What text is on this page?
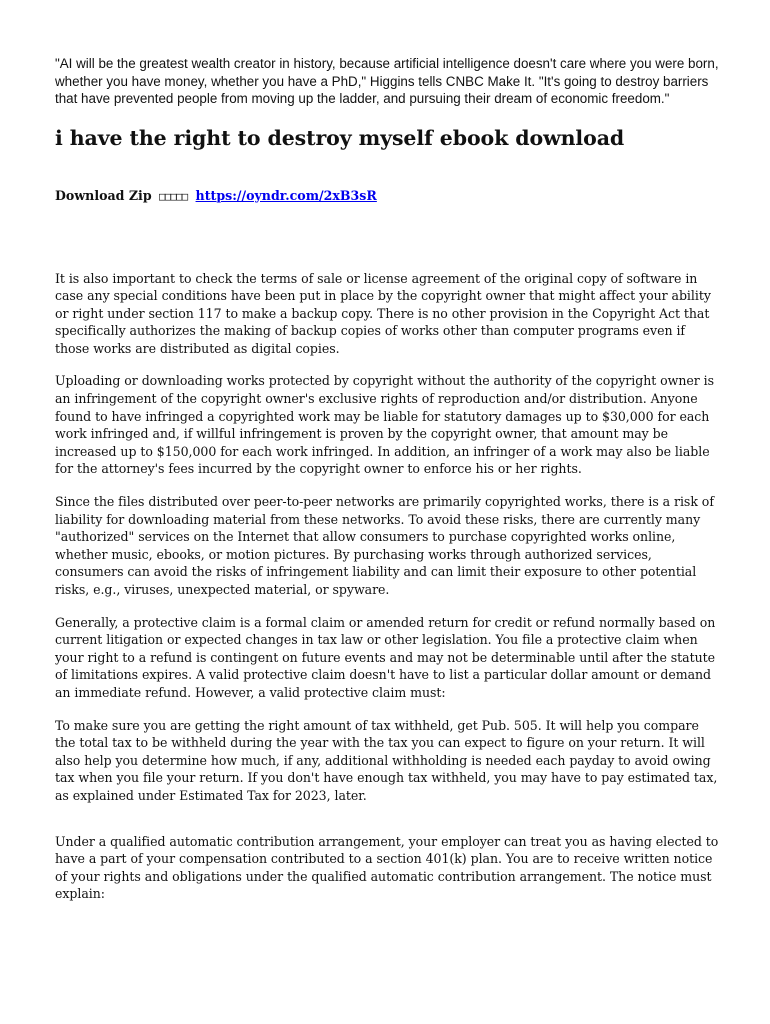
"AI will be the greatest wealth creator in history, because artificial intelligence doesn't care where you were born, whether you have money, whether you have a PhD," Higgins tells CNBC Make It. "It's going to destroy barriers that have prevented people from moving up the ladder, and pursuing their dream of economic freedom."

i have the right to destroy myself ebook download

Download Zip □□□□□ https://oyndr.com/2xB3sR

It is also important to check the terms of sale or license agreement of the original copy of software in case any special conditions have been put in place by the copyright owner that might affect your ability or right under section 117 to make a backup copy. There is no other provision in the Copyright Act that specifically authorizes the making of backup copies of works other than computer programs even if those works are distributed as digital copies.

Uploading or downloading works protected by copyright without the authority of the copyright owner is an infringement of the copyright owner's exclusive rights of reproduction and/or distribution. Anyone found to have infringed a copyrighted work may be liable for statutory damages up to $30,000 for each work infringed and, if willful infringement is proven by the copyright owner, that amount may be increased up to $150,000 for each work infringed. In addition, an infringer of a work may also be liable for the attorney's fees incurred by the copyright owner to enforce his or her rights.

Since the files distributed over peer-to-peer networks are primarily copyrighted works, there is a risk of liability for downloading material from these networks. To avoid these risks, there are currently many "authorized" services on the Internet that allow consumers to purchase copyrighted works online, whether music, ebooks, or motion pictures. By purchasing works through authorized services, consumers can avoid the risks of infringement liability and can limit their exposure to other potential risks, e.g., viruses, unexpected material, or spyware.

Generally, a protective claim is a formal claim or amended return for credit or refund normally based on current litigation or expected changes in tax law or other legislation. You file a protective claim when your right to a refund is contingent on future events and may not be determinable until after the statute of limitations expires. A valid protective claim doesn't have to list a particular dollar amount or demand an immediate refund. However, a valid protective claim must:

To make sure you are getting the right amount of tax withheld, get Pub. 505. It will help you compare the total tax to be withheld during the year with the tax you can expect to figure on your return. It will also help you determine how much, if any, additional withholding is needed each payday to avoid owing tax when you file your return. If you don't have enough tax withheld, you may have to pay estimated tax, as explained under Estimated Tax for 2023, later.

Under a qualified automatic contribution arrangement, your employer can treat you as having elected to have a part of your compensation contributed to a section 401(k) plan. You are to receive written notice of your rights and obligations under the qualified automatic contribution arrangement. The notice must explain:
